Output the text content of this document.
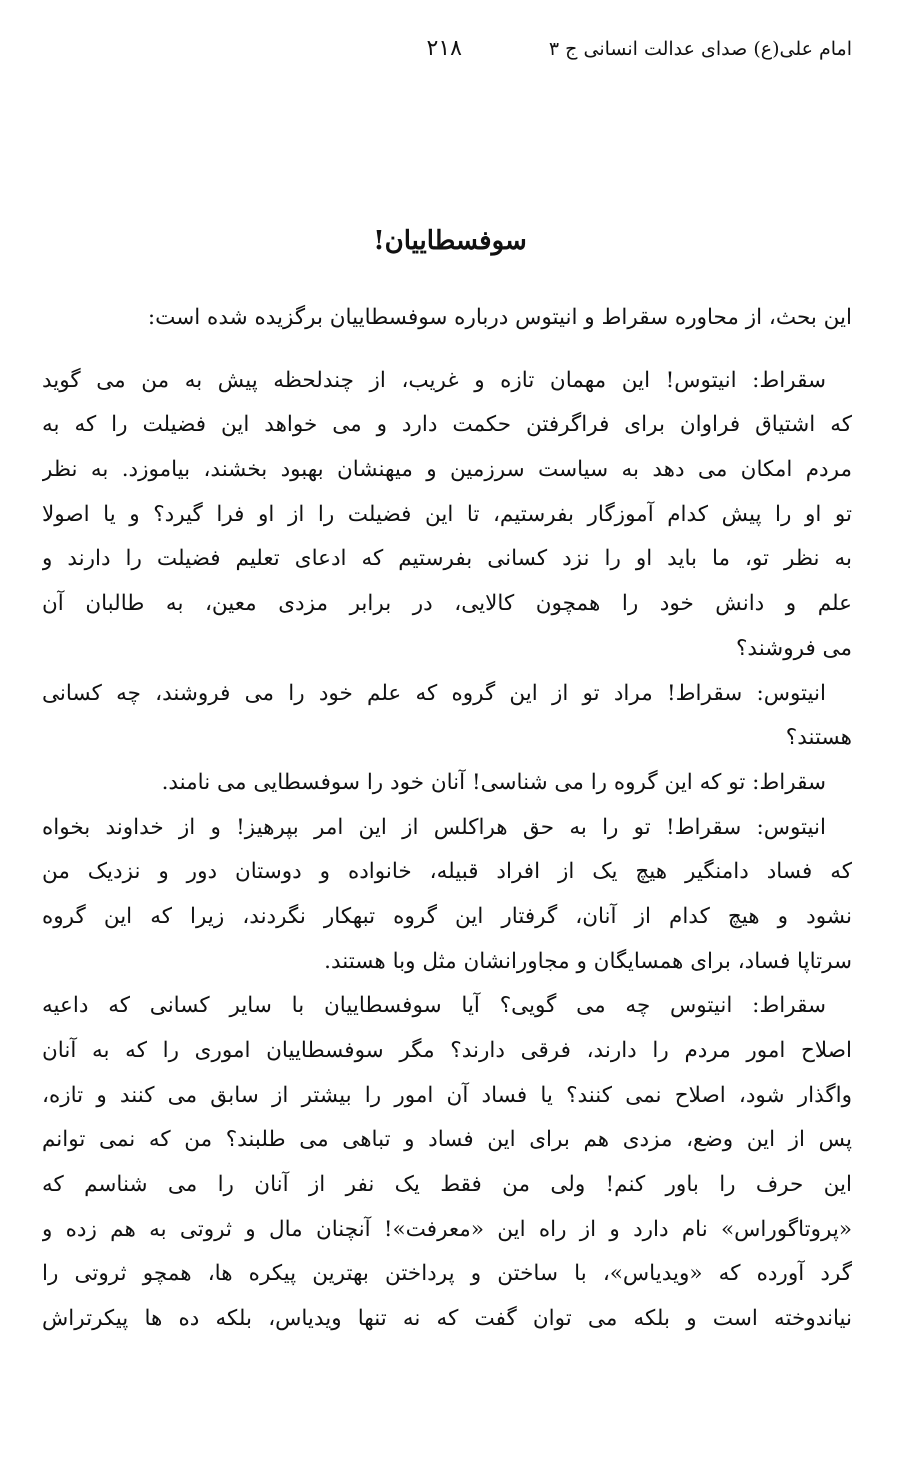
امام علی(ع) صدای عدالت انسانی ج ۳
۲۱۸
سوفسطاییان!
این بحث، از محاوره سقراط و انیتوس درباره سوفسطاییان برگزیده شده است:
سقراط: انیتوس! این مهمان تازه و غریب، از چندلحظه پیش به من می گوید
که اشتیاق فراوان برای فراگرفتن حکمت دارد و می خواهد این فضیلت را که به
مردم امکان می دهد به سیاست سرزمین و میهنشان بهبود بخشند، بیاموزد. به نظر
تو او را پیش کدام آموزگار بفرستیم، تا این فضیلت را از او فرا گیرد؟ و یا اصولا
به نظر تو، ما باید او را نزد کسانی بفرستیم که ادعای تعلیم فضیلت را دارند و
علم و دانش خود را همچون کالایی، در برابر مزدی معین، به طالبان آن
می فروشند؟
انیتوس: سقراط! مراد تو از این گروه که علم خود را می فروشند، چه کسانی
هستند؟
سقراط: تو که این گروه را می شناسی! آنان خود را سوفسطایی می نامند.
انیتوس: سقراط! تو را به حق هراکلس از این امر بپرهیز! و از خداوند بخواه
که فساد دامنگیر هیچ یک از افراد قبیله، خانواده و دوستان دور و نزدیک من
نشود و هیچ کدام از آنان، گرفتار این گروه تبهکار نگردند، زیرا که این گروه
سرتاپا فساد، برای همسایگان و مجاورانشان مثل وبا هستند.
سقراط: انیتوس چه می گویی؟ آیا سوفسطاییان با سایر کسانی که داعیه
اصلاح امور مردم را دارند، فرقی دارند؟ مگر سوفسطاییان اموری را که به آنان
واگذار شود، اصلاح نمی کنند؟ یا فساد آن امور را بیشتر از سابق می کنند و تازه،
پس از این وضع، مزدی هم برای این فساد و تباهی می طلبند؟ من که نمی توانم
این حرف را باور کنم! ولی من فقط یک نفر از آنان را می شناسم که
«پروتاگوراس» نام دارد و از راه این «معرفت»! آنچنان مال و ثروتی به هم زده و
گرد آورده که «ویدیاس»، با ساختن و پرداختن بهترین پیکره ها، همچو ثروتی را
نیاندوخته است و بلکه می توان گفت که نه تنها ویدیاس، بلکه ده ها پیکرتراش
